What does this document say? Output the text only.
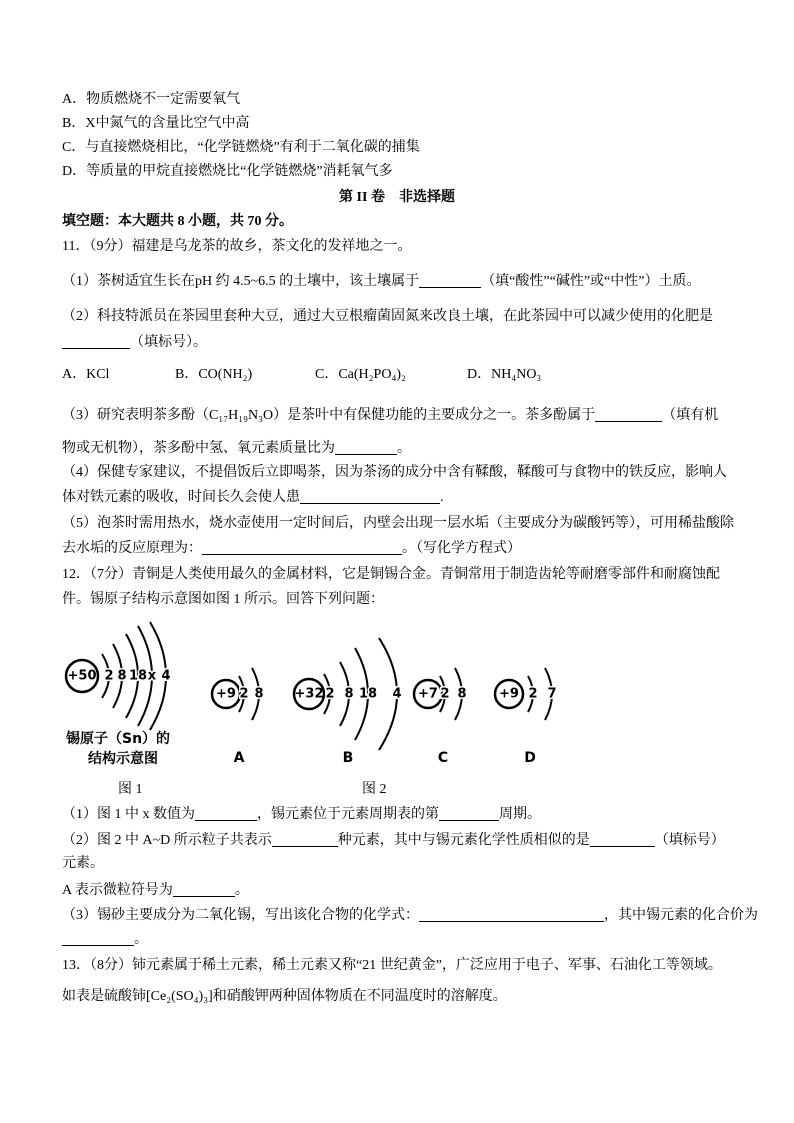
A．物质燃烧不一定需要氧气
B．X中氮气的含量比空气中高
C．与直接燃烧相比，“化学链燃烧”有利于二氧化碳的捕集
D．等质量的甲烷直接燃烧比“化学链燃烧”消耗氧气多
第 II 卷　非选择题
填空题：本大题共 8 小题，共 70 分。
11．（9分）福建是乌龙茶的故乡，茶文化的发祥地之一。
（1）茶树适宜生长在pH 约 4.5~6.5 的土壤中，该土壤属于	（填“酸性”“碱性”或“中性”）土质。
（2）科技特派员在茶园里套种大豆，通过大豆根瘤菌固氮来改良土壤，在此茶园中可以减少使用的化肥是
（填标号）。
A．KCl	B．CO(NH₂)	C．Ca(H₂PO₄)₂	D．NH₄NO₃
（3）研究表明茶多酚（C₁₇H₁₉N₃O）是茶叶中有保健功能的主要成分之一。茶多酚属于	（填有机
物或无机物），茶多酚中氢、氧元素质量比为	。
（4）保健专家建议，不提倡饭后立即喝茶，因为茶汤的成分中含有鞣酸，鞣酸可与食物中的铁反应，影响人
体对铁元素的吸收，时间长久会使人患	.
（5）泡茶时需用热水，烧水壶使用一定时间后，内壁会出现一层水垢（主要成分为碳酸钙等），可用稀盐酸除
去水垢的反应原理为：	。（写化学方程式）
12．（7分）青铜是人类使用最久的金属材料，它是铜锡合金。青铜常用于制造齿轮等耐磨零部件和耐腐蚀配
件。锡原子结构示意图如图 1 所示。回答下列问题：
+50 2 8 18 x 4
锡原子（Sn）的
结构示意图
+9 2 8
A
+32 2 8 18 4
B
+7 2 8
C
+9 2 7
D
图 1	图 2
（1）图 1 中 x 数值为	，锡元素位于元素周期表的第	周期。
（2）图 2 中 A~D 所示粒子共表示	种元素，其中与锡元素化学性质相似的是	（填标号）
元素。
A 表示微粒符号为	。
（3）锡砂主要成分为二氧化锡，写出该化合物的化学式：	，其中锡元素的化合价为
。
13．（8分）铈元素属于稀土元素，稀土元素又称“21 世纪黄金”，广泛应用于电子、军事、石油化工等领域。
如表是硫酸铈[Ce₂(SO₄)₃]和硝酸钾两种固体物质在不同温度时的溶解度。
